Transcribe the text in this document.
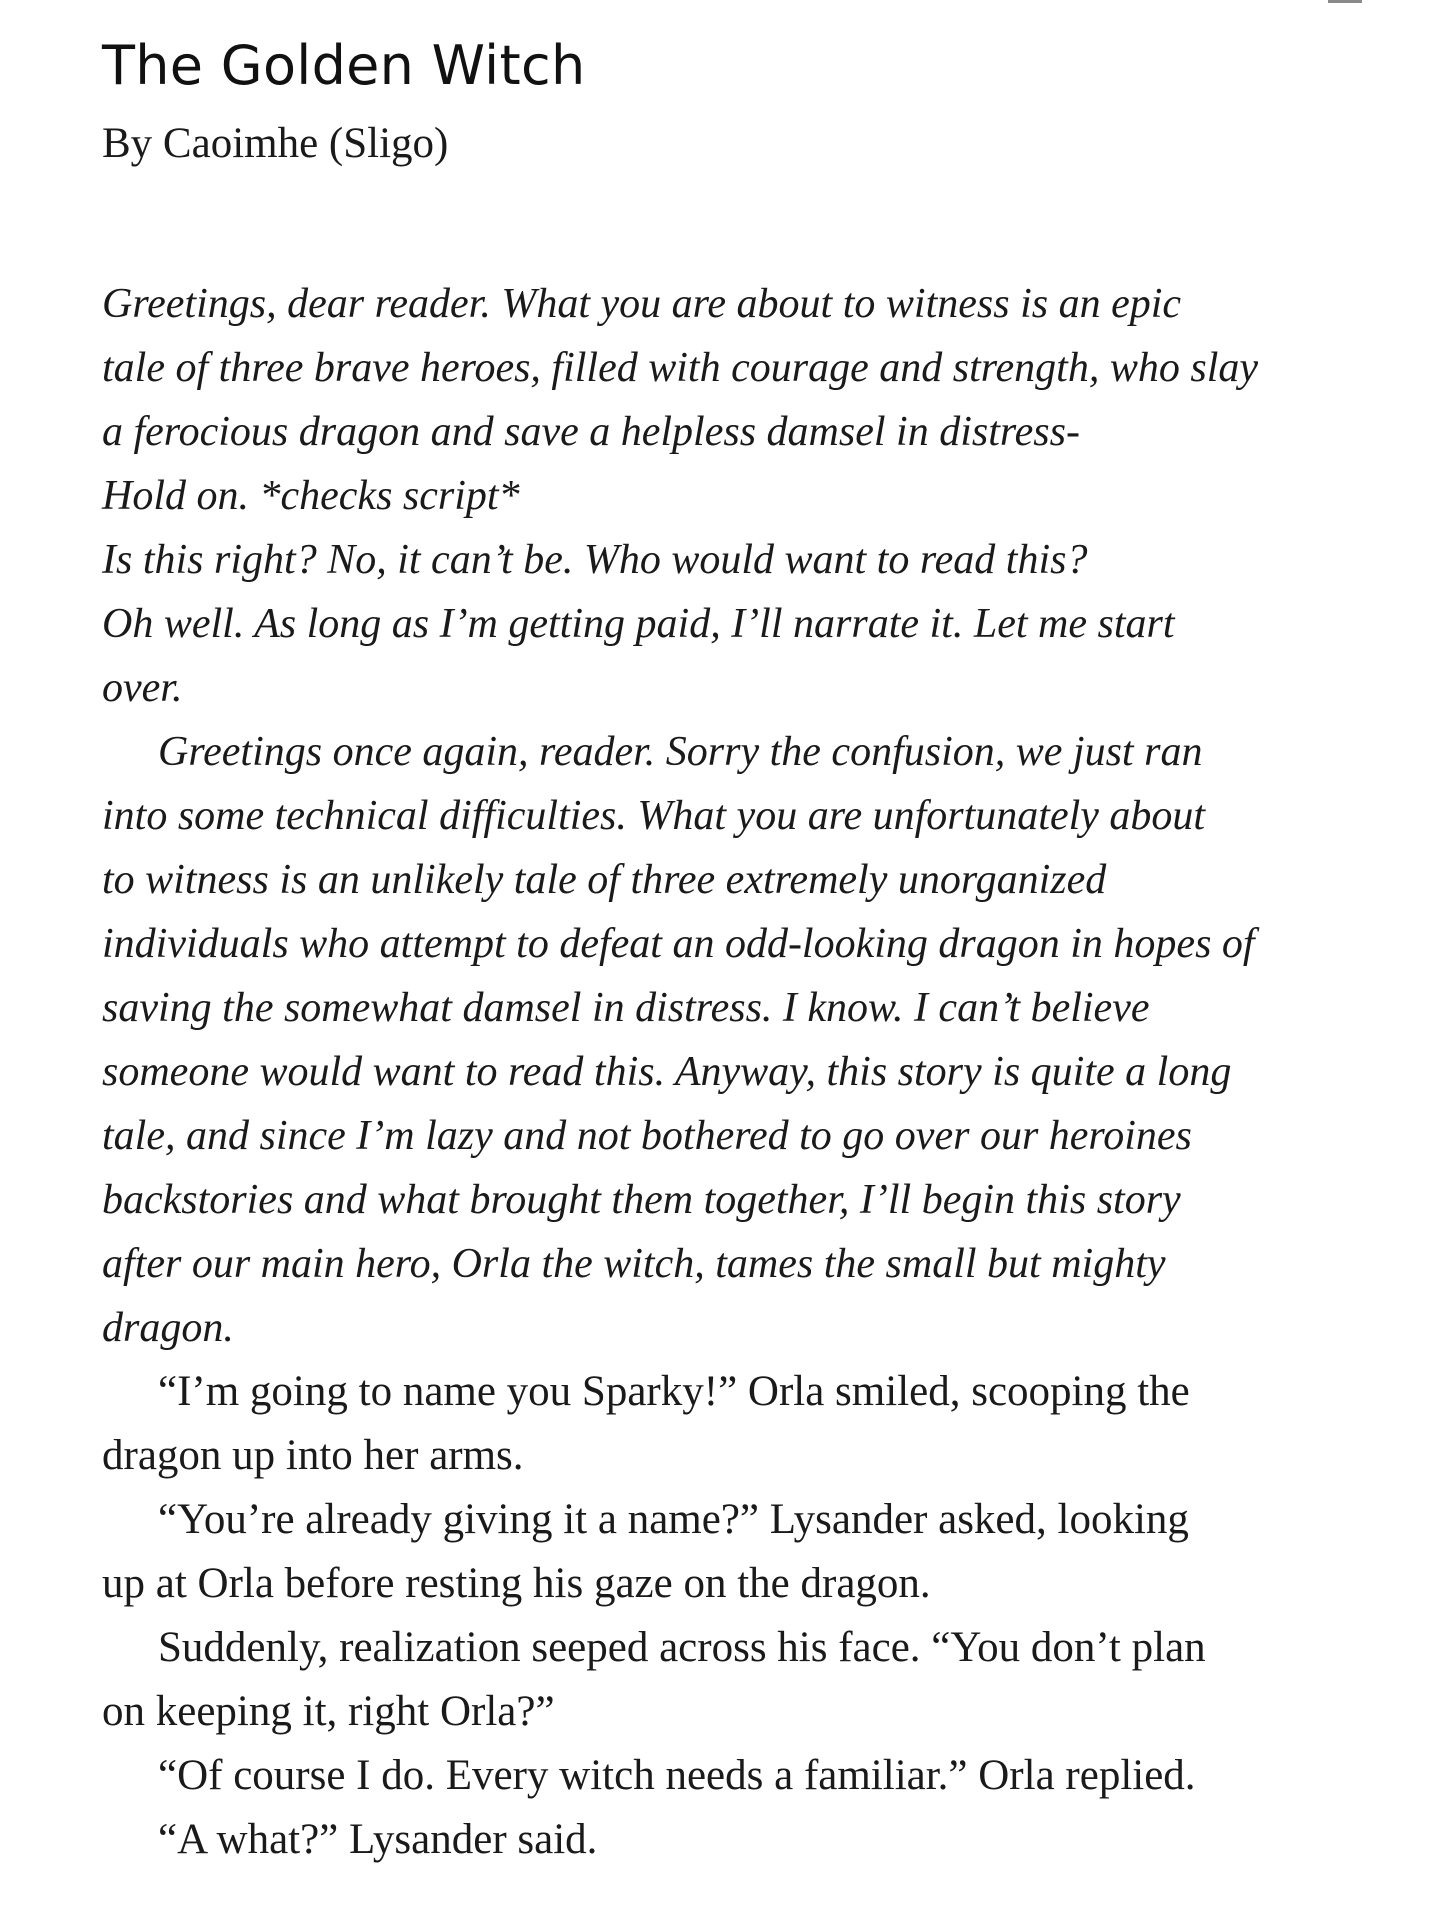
The Golden Witch

By Caoimhe (Sligo)

Greetings, dear reader. What you are about to witness is an epic
tale of three brave heroes, filled with courage and strength, who slay
a ferocious dragon and save a helpless damsel in distress-
Hold on. *checks script*
Is this right? No, it can’t be. Who would want to read this?
Oh well. As long as I’m getting paid, I’ll narrate it. Let me start
over.
Greetings once again, reader. Sorry the confusion, we just ran
into some technical difficulties. What you are unfortunately about
to witness is an unlikely tale of three extremely unorganized
individuals who attempt to defeat an odd-looking dragon in hopes of
saving the somewhat damsel in distress. I know. I can’t believe
someone would want to read this. Anyway, this story is quite a long
tale, and since I’m lazy and not bothered to go over our heroines
backstories and what brought them together, I’ll begin this story
after our main hero, Orla the witch, tames the small but mighty
dragon.
“I’m going to name you Sparky!” Orla smiled, scooping the
dragon up into her arms.
“You’re already giving it a name?” Lysander asked, looking
up at Orla before resting his gaze on the dragon.
Suddenly, realization seeped across his face. “You don’t plan
on keeping it, right Orla?”
“Of course I do. Every witch needs a familiar.” Orla replied.
“A what?” Lysander said.
